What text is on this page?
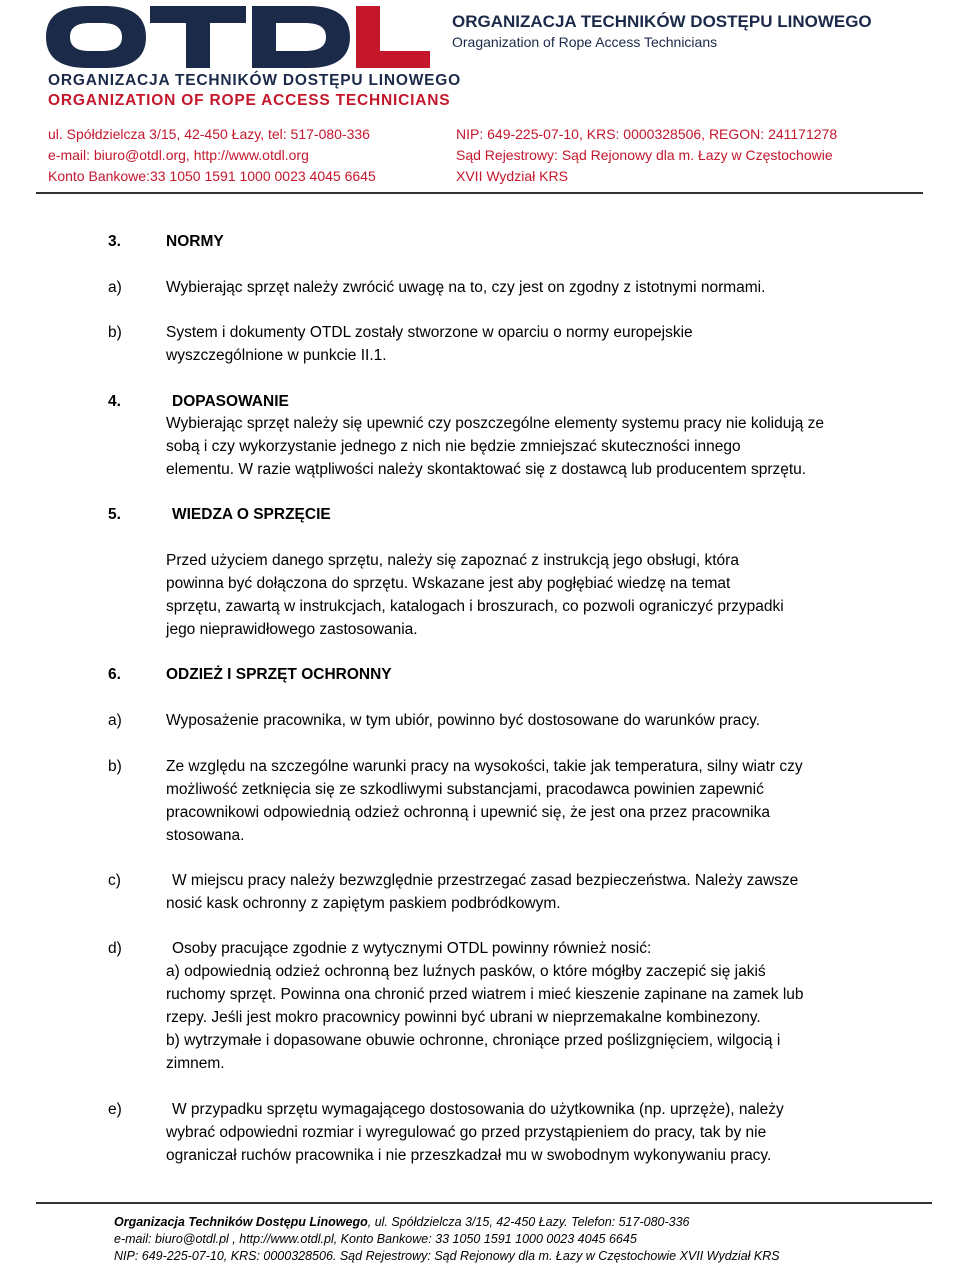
ORGANIZACJA TECHNIKÓW DOSTĘPU LINOWEGO
ORGANIZATION OF ROPE ACCESS TECHNICIANS
ORGANIZACJA TECHNIKÓW DOSTĘPU LINOWEGO
Oraganization of Rope Access Technicians
ul. Spółdzielcza 3/15, 42-450 Łazy, tel: 517-080-336
e-mail: biuro@otdl.org, http://www.otdl.org
Konto Bankowe:33 1050 1591 1000 0023 4045 6645
NIP: 649-225-07-10, KRS: 0000328506, REGON: 241171278
Sąd Rejestrowy: Sąd Rejonowy dla m. Łazy w Częstochowie
XVII Wydział KRS
3.	NORMY
a)	Wybierając sprzęt należy zwrócić uwagę na to, czy jest on zgodny z istotnymi normami.
b)	System i dokumenty OTDL zostały stworzone w oparciu o normy europejskie
wyszczególnione w punkcie II.1.
4.	DOPASOWANIE
Wybierając sprzęt należy się upewnić czy poszczególne elementy systemu pracy nie kolidują ze
sobą i czy wykorzystanie jednego z nich nie będzie zmniejszać skuteczności innego
elementu. W razie wątpliwości należy skontaktować się z dostawcą lub producentem sprzętu.
5.	WIEDZA O SPRZĘCIE
Przed użyciem danego sprzętu, należy się zapoznać z instrukcją jego obsługi, która
powinna być dołączona do sprzętu. Wskazane jest aby pogłębiać wiedzę na temat
sprzętu, zawartą w instrukcjach, katalogach i broszurach, co pozwoli ograniczyć przypadki
jego nieprawidłowego zastosowania.
6.	ODZIEŻ I SPRZĘT OCHRONNY
a)	Wyposażenie pracownika, w tym ubiór, powinno być dostosowane do warunków pracy.
b)	Ze względu na szczególne warunki pracy na wysokości, takie jak temperatura, silny wiatr czy
możliwość zetknięcia się ze szkodliwymi substancjami, pracodawca powinien zapewnić
pracownikowi odpowiednią odzież ochronną i upewnić się, że jest ona przez pracownika
stosowana.
c)	W miejscu pracy należy bezwzględnie przestrzegać zasad bezpieczeństwa. Należy zawsze
nosić kask ochronny z zapiętym paskiem podbródkowym.
d)	Osoby pracujące zgodnie z wytycznymi OTDL powinny również nosić:
a) odpowiednią odzież ochronną bez luźnych pasków, o które mógłby zaczepić się jakiś
ruchomy sprzęt. Powinna ona chronić przed wiatrem i mieć kieszenie zapinane na zamek lub
rzepy. Jeśli jest mokro pracownicy powinni być ubrani w nieprzemakalne kombinezony.
b) wytrzymałe i dopasowane obuwie ochronne, chroniące przed poślizgnięciem, wilgocią i
zimnem.
e)	W przypadku sprzętu wymagającego dostosowania do użytkownika (np. uprzęże), należy
wybrać odpowiedni rozmiar i wyregulować go przed przystąpieniem do pracy, tak by nie
ograniczał ruchów pracownika i nie przeszkadzał mu w swobodnym wykonywaniu pracy.
Organizacja Techników Dostępu Linowego, ul. Spółdzielcza 3/15, 42-450 Łazy. Telefon: 517-080-336
e-mail: biuro@otdl.pl , http://www.otdl.pl, Konto Bankowe: 33 1050 1591 1000 0023 4045 6645
NIP: 649-225-07-10, KRS: 0000328506. Sąd Rejestrowy: Sąd Rejonowy dla m. Łazy w Częstochowie XVII Wydział KRS
